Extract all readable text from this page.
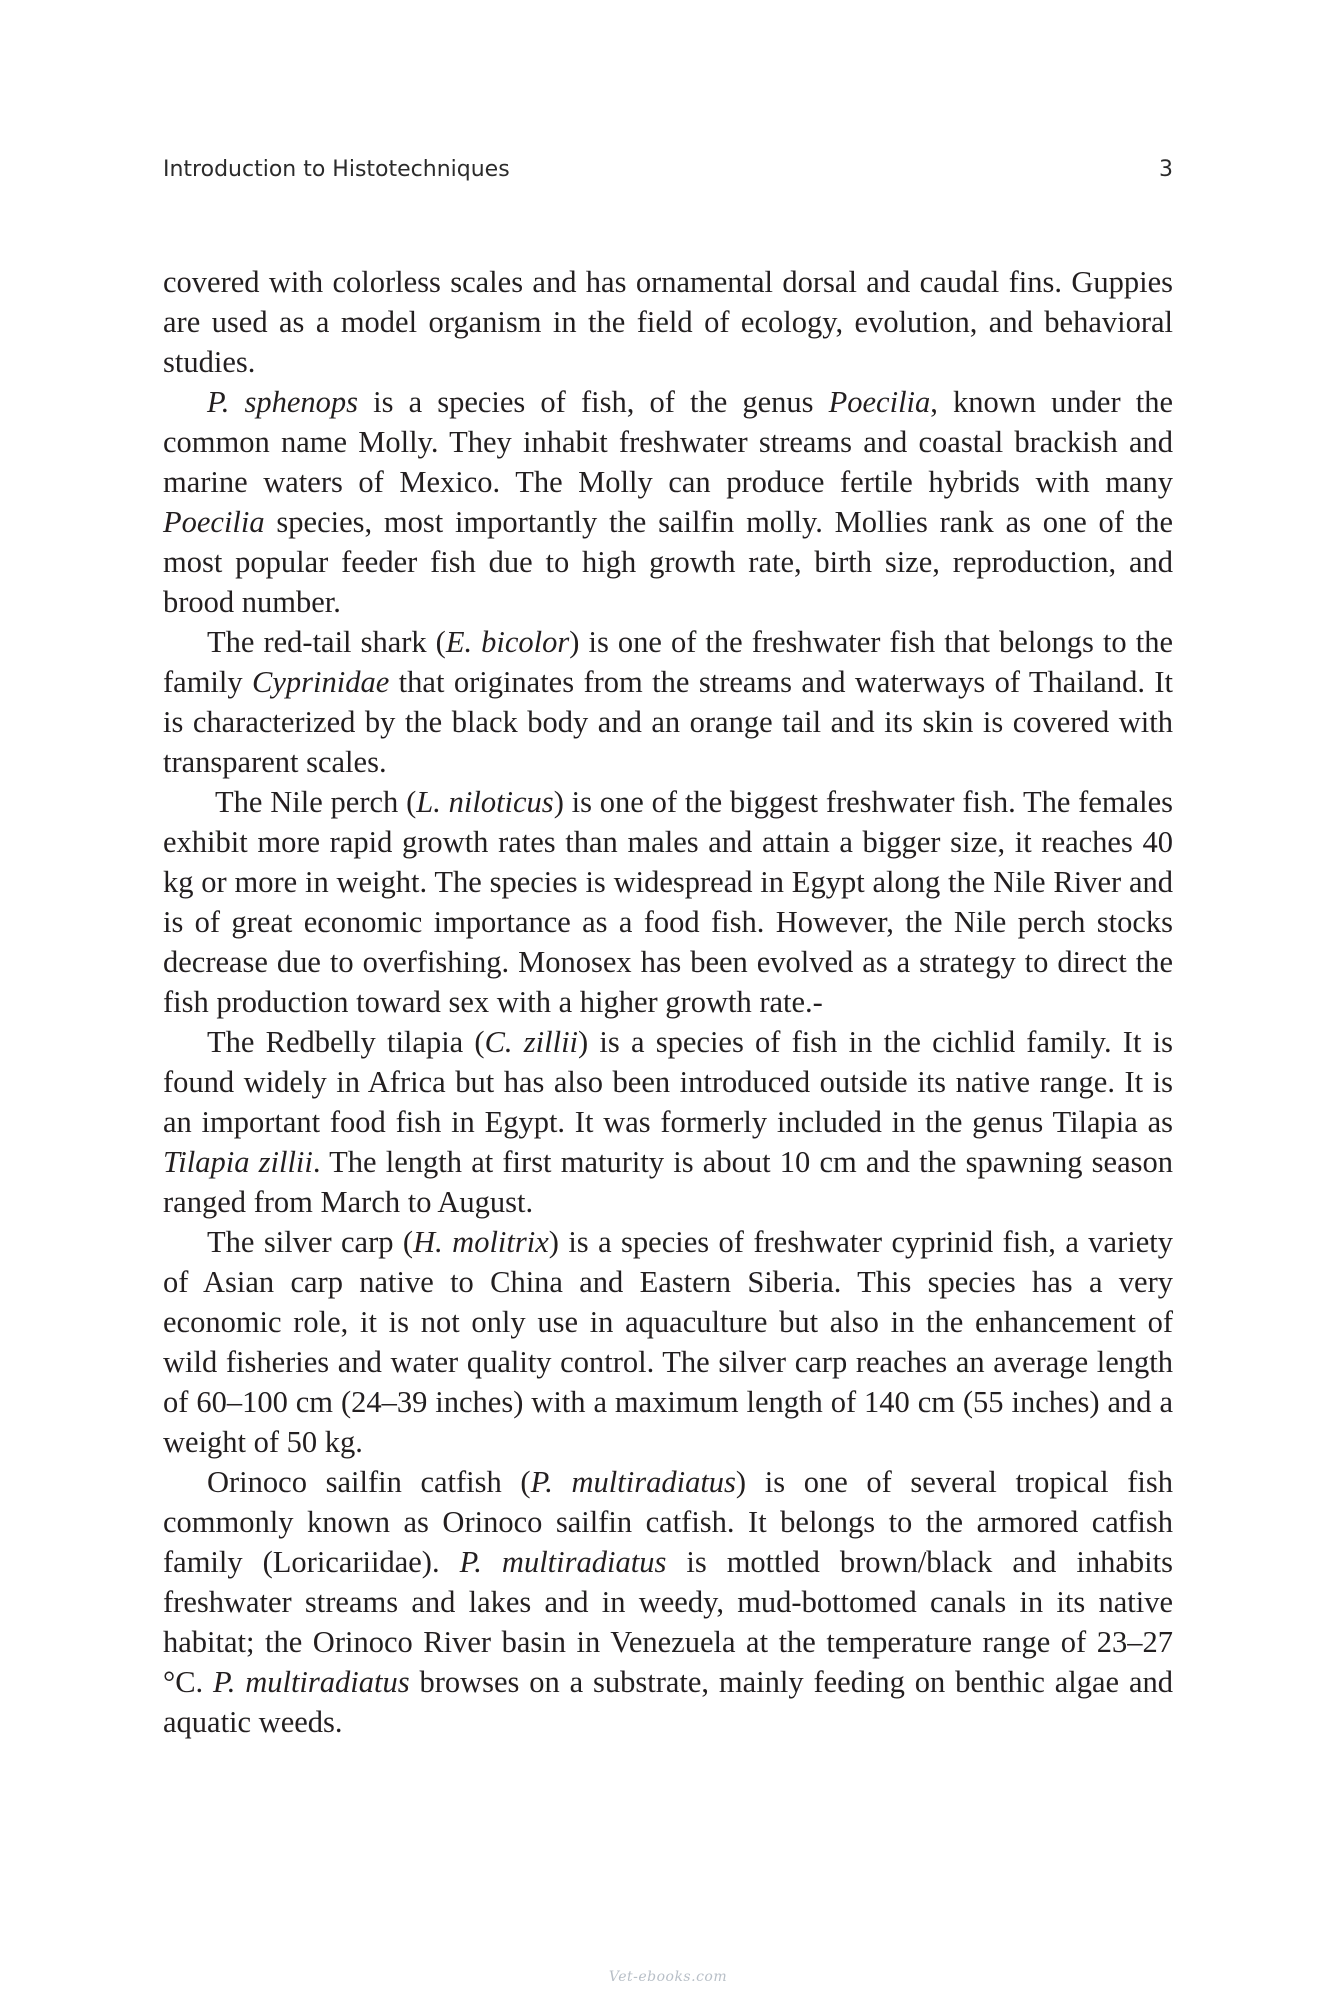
Introduction to Histotechniques	3

covered with colorless scales and has ornamental dorsal and caudal fins. Guppies are used as a model organism in the field of ecology, evolution, and behavioral studies.

P. sphenops is a species of fish, of the genus Poecilia, known under the common name Molly. They inhabit freshwater streams and coastal brackish and marine waters of Mexico. The Molly can produce fertile hybrids with many Poecilia species, most importantly the sailfin molly. Mollies rank as one of the most popular feeder fish due to high growth rate, birth size, reproduction, and brood number.

The red-tail shark (E. bicolor) is one of the freshwater fish that belongs to the family Cyprinidae that originates from the streams and waterways of Thailand. It is characterized by the black body and an orange tail and its skin is covered with transparent scales.

The Nile perch (L. niloticus) is one of the biggest freshwater fish. The females exhibit more rapid growth rates than males and attain a bigger size, it reaches 40 kg or more in weight. The species is widespread in Egypt along the Nile River and is of great economic importance as a food fish. However, the Nile perch stocks decrease due to overfishing. Monosex has been evolved as a strategy to direct the fish production toward sex with a higher growth rate.-

The Redbelly tilapia (C. zillii) is a species of fish in the cichlid family. It is found widely in Africa but has also been introduced outside its native range. It is an important food fish in Egypt. It was formerly included in the genus Tilapia as Tilapia zillii. The length at first maturity is about 10 cm and the spawning season ranged from March to August.

The silver carp (H. molitrix) is a species of freshwater cyprinid fish, a variety of Asian carp native to China and Eastern Siberia. This species has a very economic role, it is not only use in aquaculture but also in the enhancement of wild fisheries and water quality control. The silver carp reaches an average length of 60–100 cm (24–39 inches) with a maximum length of 140 cm (55 inches) and a weight of 50 kg.

Orinoco sailfin catfish (P. multiradiatus) is one of several tropical fish commonly known as Orinoco sailfin catfish. It belongs to the armored catfish family (Loricariidae). P. multiradiatus is mottled brown/black and inhabits freshwater streams and lakes and in weedy, mud-bottomed canals in its native habitat; the Orinoco River basin in Venezuela at the temperature range of 23–27 °C. P. multiradiatus browses on a substrate, mainly feeding on benthic algae and aquatic weeds.

Vet-ebooks.com
